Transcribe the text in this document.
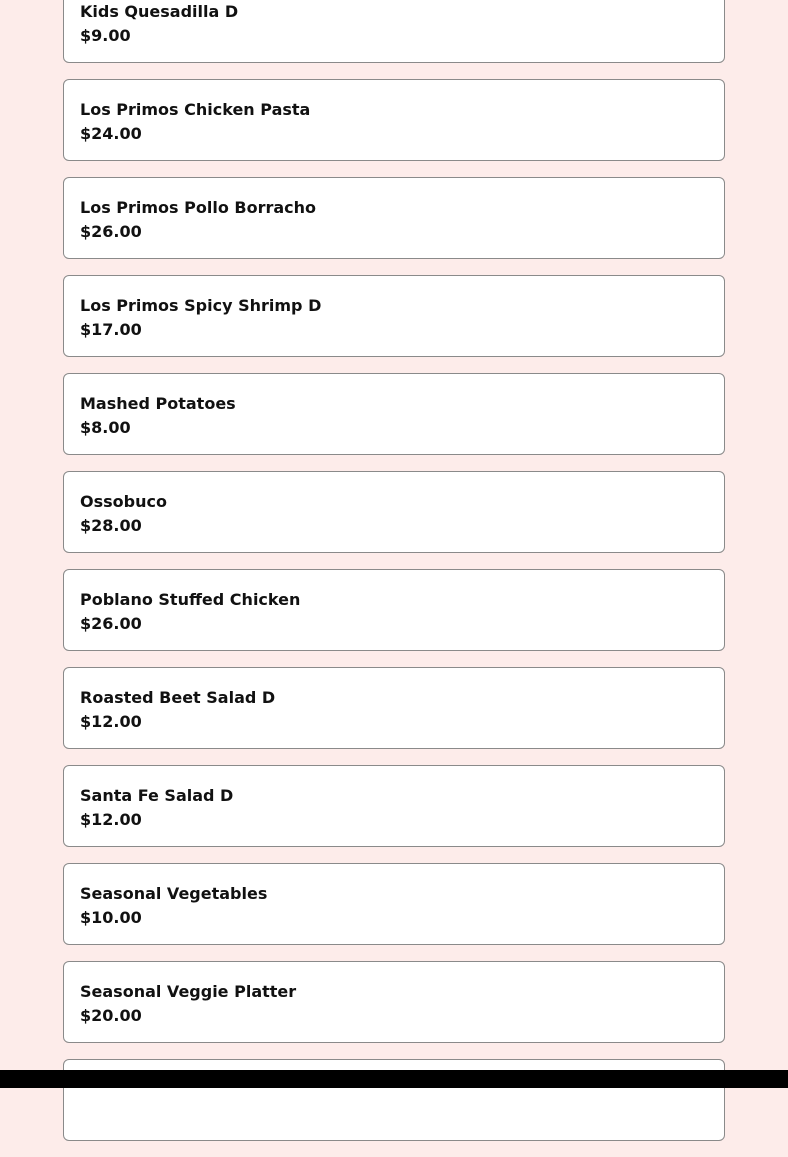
Kids Quesadilla D
$9.00
Los Primos Chicken Pasta
$24.00
Los Primos Pollo Borracho
$26.00
Los Primos Spicy Shrimp D
$17.00
Mashed Potatoes
$8.00
Ossobuco
$28.00
Poblano Stuffed Chicken
$26.00
Roasted Beet Salad D
$12.00
Santa Fe Salad D
$12.00
Seasonal Vegetables
$10.00
Seasonal Veggie Platter
$20.00
